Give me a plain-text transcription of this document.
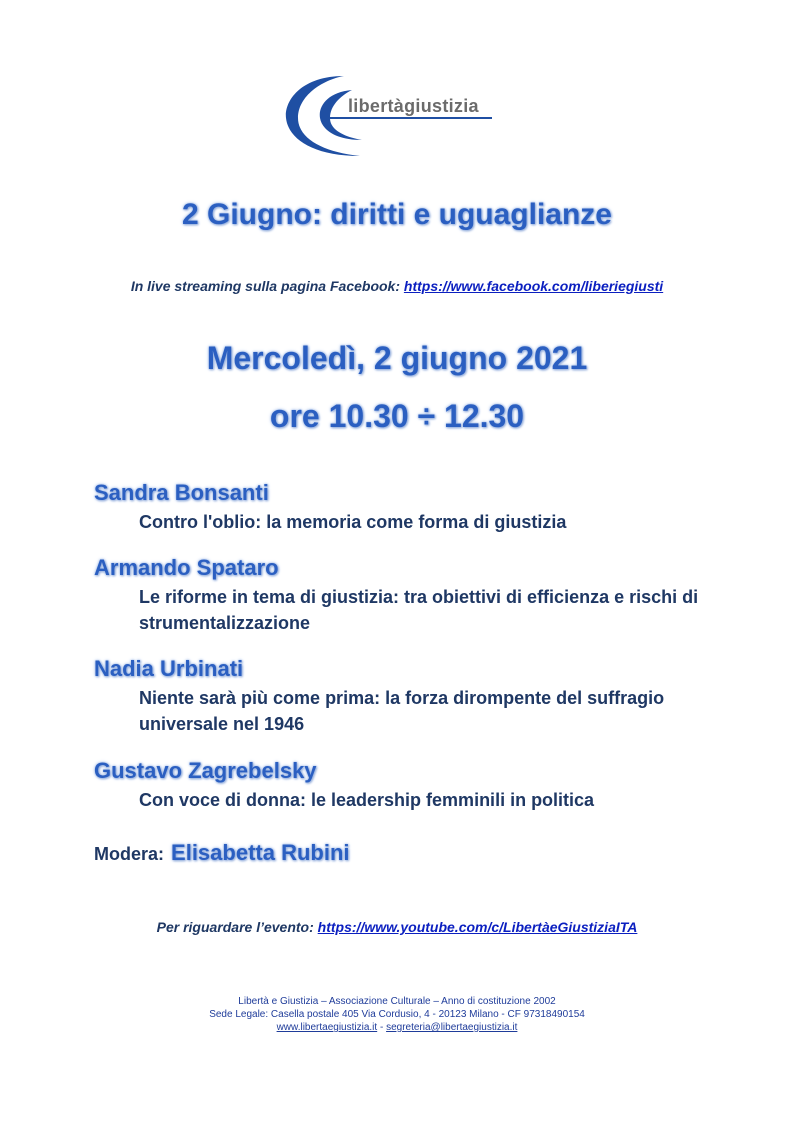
libertàgiustizia
2 Giugno: diritti e uguaglianze
In live streaming sulla pagina Facebook: https://www.facebook.com/liberiegiusti
Mercoledì, 2 giugno 2021
ore 10.30 ÷ 12.30
Sandra Bonsanti
Contro l'oblio: la memoria come forma di giustizia
Armando Spataro
Le riforme in tema di giustizia: tra obiettivi di efficienza e rischi di strumentalizzazione
Nadia Urbinati
Niente sarà più come prima: la forza dirompente del suffragio universale nel 1946
Gustavo Zagrebelsky
Con voce di donna: le leadership femminili in politica
Modera: Elisabetta Rubini
Per riguardare l’evento: https://www.youtube.com/c/LibertàeGiustiziaITA
Libertà e Giustizia – Associazione Culturale – Anno di costituzione 2002
Sede Legale: Casella postale 405 Via Cordusio, 4 - 20123 Milano - CF 97318490154
www.libertaegiustizia.it - segreteria@libertaegiustizia.it
